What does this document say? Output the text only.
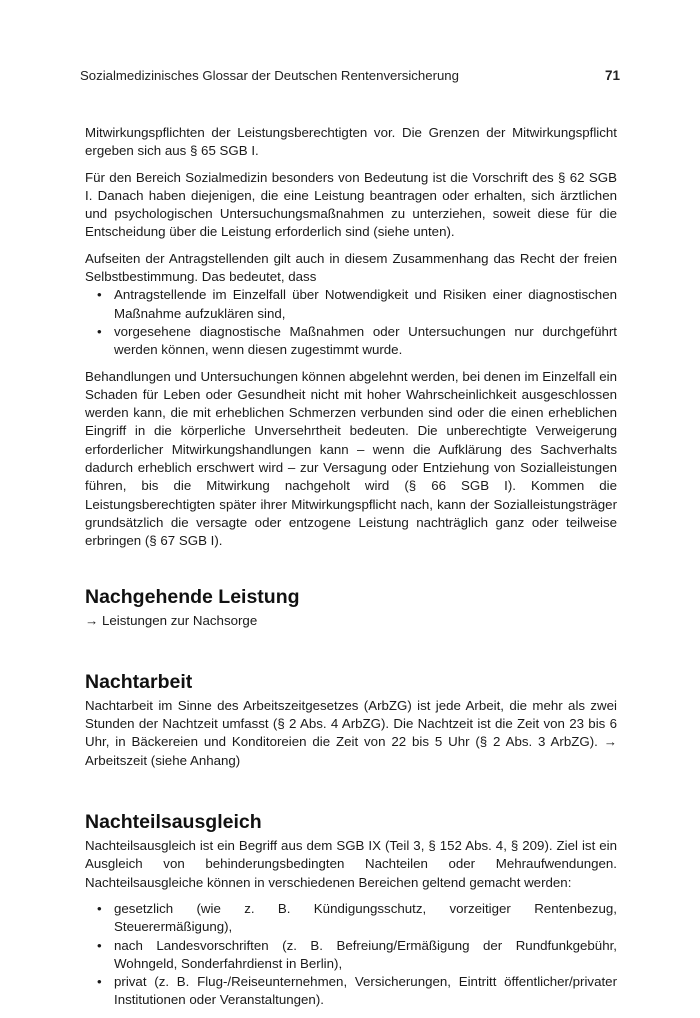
Sozialmedizinisches Glossar der Deutschen Rentenversicherung	71

Mitwirkungspflichten der Leistungsberechtigten vor. Die Grenzen der Mitwirkungspflicht ergeben sich aus § 65 SGB I.

Für den Bereich Sozialmedizin besonders von Bedeutung ist die Vorschrift des § 62 SGB I. Danach haben diejenigen, die eine Leistung beantragen oder erhalten, sich ärztlichen und psychologischen Untersuchungsmaßnahmen zu unterziehen, soweit diese für die Entscheidung über die Leistung erforderlich sind (siehe unten).

Aufseiten der Antragstellenden gilt auch in diesem Zusammenhang das Recht der freien Selbstbestimmung. Das bedeutet, dass

• Antragstellende im Einzelfall über Notwendigkeit und Risiken einer diagnostischen Maßnahme aufzuklären sind,
• vorgesehene diagnostische Maßnahmen oder Untersuchungen nur durchgeführt werden können, wenn diesen zugestimmt wurde.

Behandlungen und Untersuchungen können abgelehnt werden, bei denen im Einzelfall ein Schaden für Leben oder Gesundheit nicht mit hoher Wahrscheinlichkeit ausgeschlossen werden kann, die mit erheblichen Schmerzen verbunden sind oder die einen erheblichen Eingriff in die körperliche Unversehrtheit bedeuten. Die unberechtigte Verweigerung erforderlicher Mitwirkungshandlungen kann – wenn die Aufklärung des Sachverhalts dadurch erheblich erschwert wird – zur Versagung oder Entziehung von Sozialleistungen führen, bis die Mitwirkung nachgeholt wird (§ 66 SGB I). Kommen die Leistungsberechtigten später ihrer Mitwirkungspflicht nach, kann der Sozialleistungsträger grundsätzlich die versagte oder entzogene Leistung nachträglich ganz oder teilweise erbringen (§ 67 SGB I).

Nachgehende Leistung

→ Leistungen zur Nachsorge

Nachtarbeit

Nachtarbeit im Sinne des Arbeitszeitgesetzes (ArbZG) ist jede Arbeit, die mehr als zwei Stunden der Nachtzeit umfasst (§ 2 Abs. 4 ArbZG). Die Nachtzeit ist die Zeit von 23 bis 6 Uhr, in Bäckereien und Konditoreien die Zeit von 22 bis 5 Uhr (§ 2 Abs. 3 ArbZG). → Arbeitszeit (siehe Anhang)

Nachteilsausgleich

Nachteilsausgleich ist ein Begriff aus dem SGB IX (Teil 3, § 152 Abs. 4, § 209). Ziel ist ein Ausgleich von behinderungsbedingten Nachteilen oder Mehraufwendungen. Nachteilsausgleiche können in verschiedenen Bereichen geltend gemacht werden:

• gesetzlich (wie z. B. Kündigungsschutz, vorzeitiger Rentenbezug, Steuerermäßigung),
• nach Landesvorschriften (z. B. Befreiung/Ermäßigung der Rundfunkgebühr, Wohngeld, Sonderfahrdienst in Berlin),
• privat (z. B. Flug-/Reiseunternehmen, Versicherungen, Eintritt öffentlicher/privater Institutionen oder Veranstaltungen).
